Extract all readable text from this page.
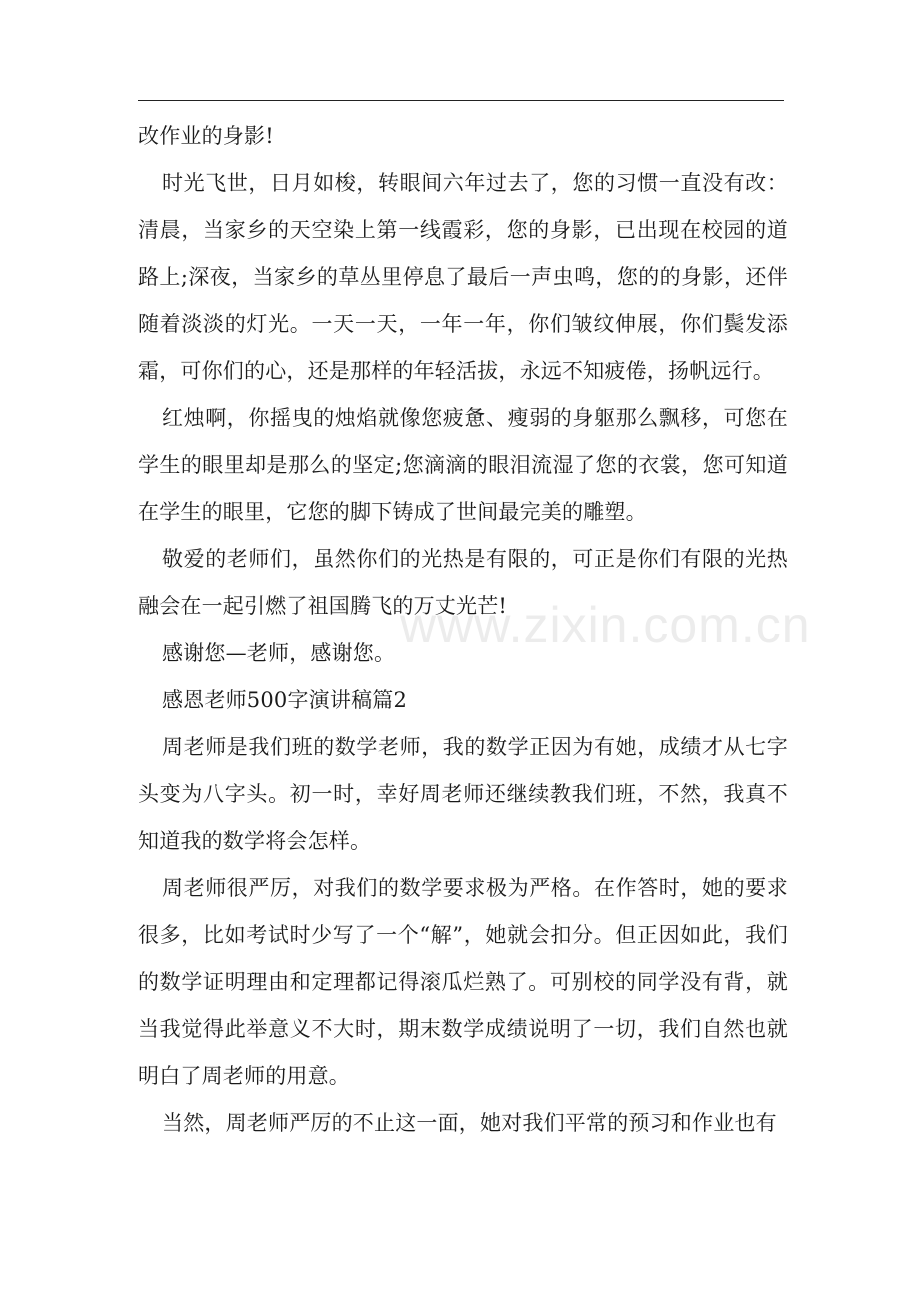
改作业的身影!

时光飞世，日月如梭，转眼间六年过去了，您的习惯一直没有改：清晨，当家乡的天空染上第一线霞彩，您的身影，已出现在校园的道路上;深夜，当家乡的草丛里停息了最后一声虫鸣，您的的身影，还伴随着淡淡的灯光。一天一天，一年一年，你们皱纹伸展，你们鬓发添霜，可你们的心，还是那样的年轻活拔，永远不知疲倦，扬帆远行。

红烛啊，你摇曳的烛焰就像您疲惫、瘦弱的身躯那么飘移，可您在学生的眼里却是那么的坚定;您滴滴的眼泪流湿了您的衣裳，您可知道在学生的眼里，它您的脚下铸成了世间最完美的雕塑。

敬爱的老师们，虽然你们的光热是有限的，可正是你们有限的光热融会在一起引燃了祖国腾飞的万丈光芒!

感谢您—老师，感谢您。

感恩老师500字演讲稿篇2

周老师是我们班的数学老师，我的数学正因为有她，成绩才从七字头变为八字头。初一时，幸好周老师还继续教我们班，不然，我真不知道我的数学将会怎样。

周老师很严厉，对我们的数学要求极为严格。在作答时，她的要求很多，比如考试时少写了一个“解”，她就会扣分。但正因如此，我们的数学证明理由和定理都记得滚瓜烂熟了。可别校的同学没有背，就当我觉得此举意义不大时，期末数学成绩说明了一切，我们自然也就明白了周老师的用意。

当然，周老师严厉的不止这一面，她对我们平常的预习和作业也有

www.zixin.com.cn
